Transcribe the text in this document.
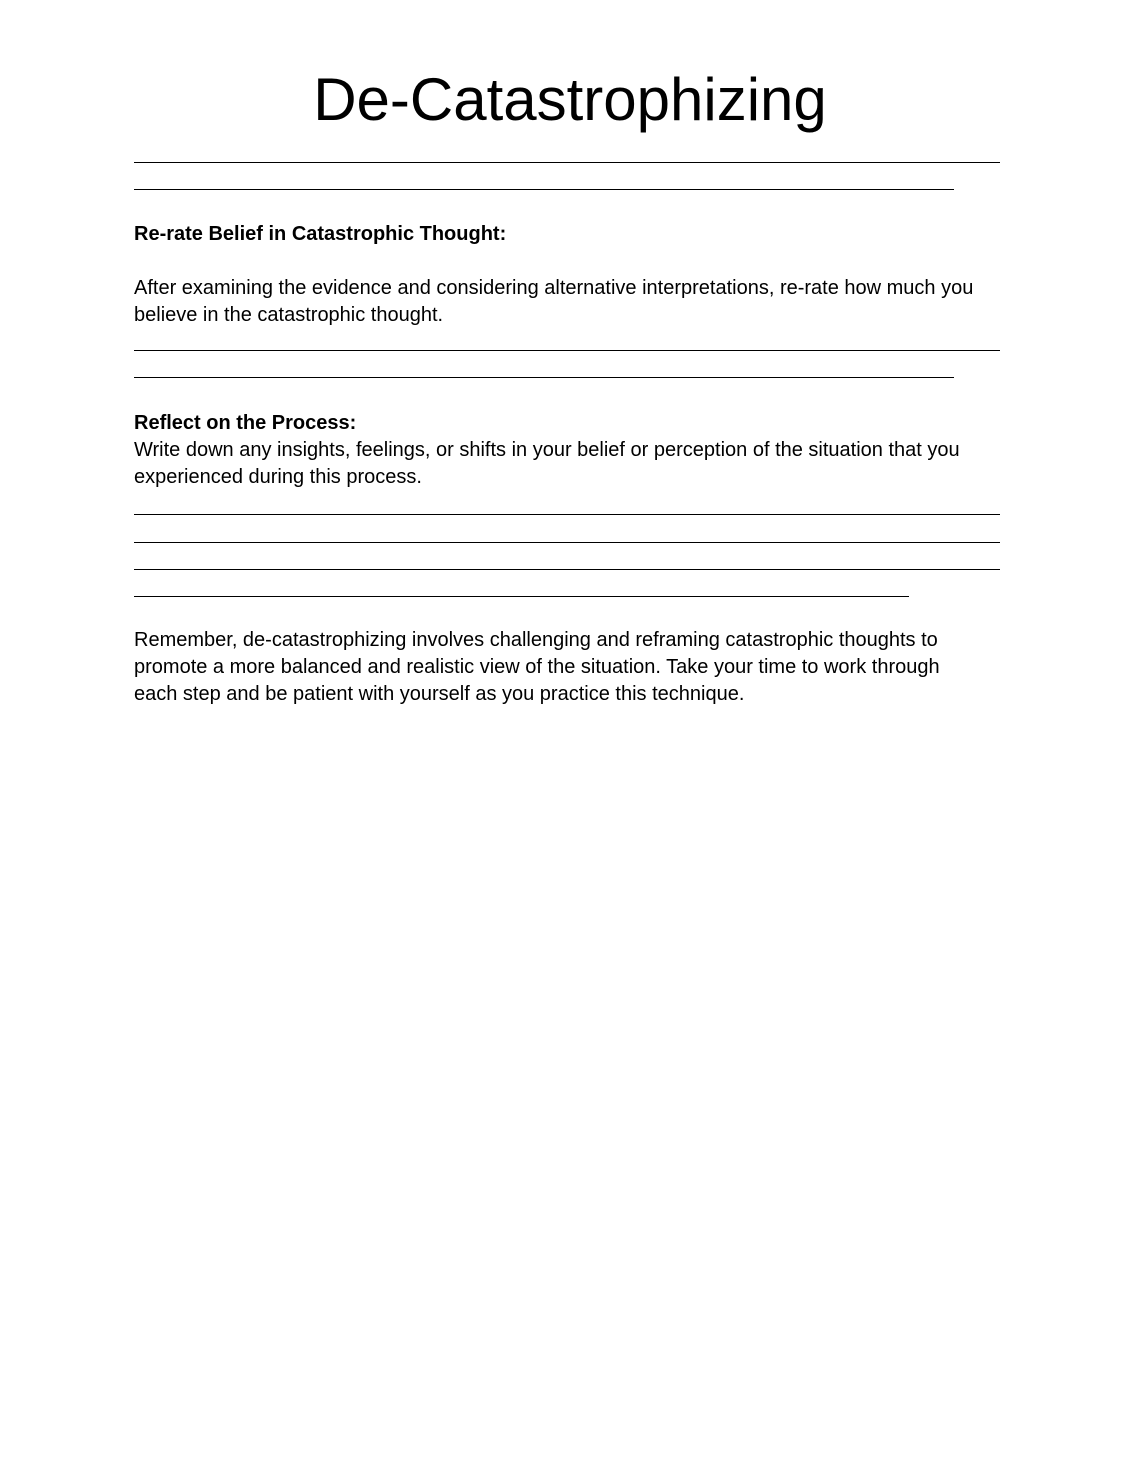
De-Catastrophizing

Re-rate Belief in Catastrophic Thought:

After examining the evidence and considering alternative interpretations, re-rate how much you believe in the catastrophic thought.

Reflect on the Process:

Write down any insights, feelings, or shifts in your belief or perception of the situation that you experienced during this process.

Remember, de-catastrophizing involves challenging and reframing catastrophic thoughts to promote a more balanced and realistic view of the situation. Take your time to work through each step and be patient with yourself as you practice this technique.
